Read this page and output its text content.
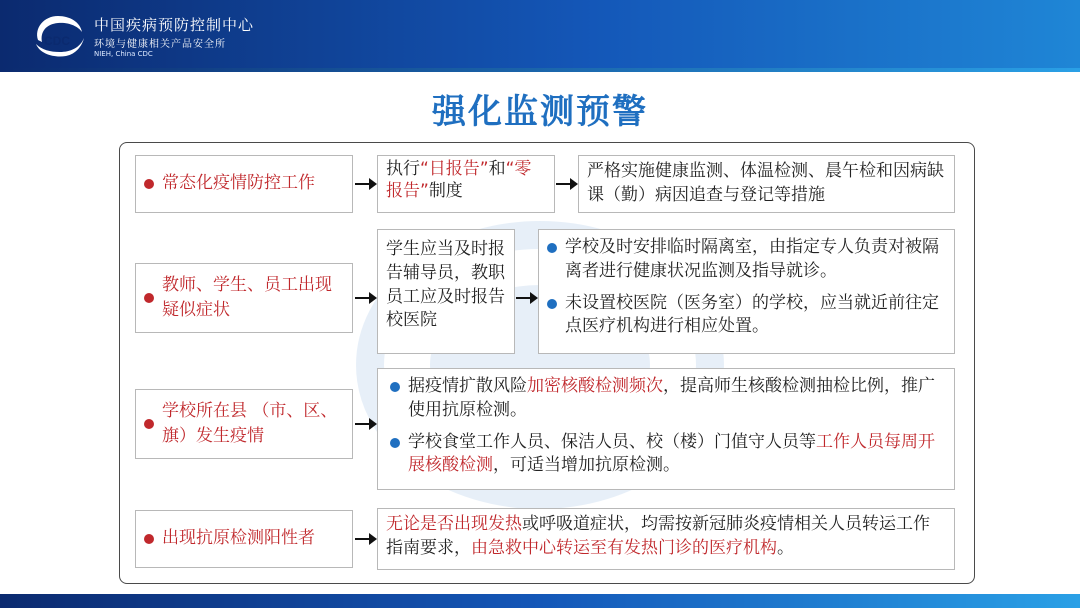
CDC
中国疾病预防控制中心
环境与健康相关产品安全所
NIEH, China CDC
强化监测预警
常态化疫情防控工作
执行“日报告”和“零报告”制度
严格实施健康监测、体温检测、晨午检和因病缺课（勤）病因追查与登记等措施
教师、学生、员工出现疑似症状
学生应当及时报告辅导员，教职员工应及时报告校医院
学校及时安排临时隔离室，由指定专人负责对被隔离者进行健康状况监测及指导就诊。
未设置校医院（医务室）的学校，应当就近前往定点医疗机构进行相应处置。
学校所在县 （市、区、旗）发生疫情
据疫情扩散风险加密核酸检测频次，提高师生核酸检测抽检比例，推广使用抗原检测。
学校食堂工作人员、保洁人员、校（楼）门值守人员等工作人员每周开展核酸检测，可适当增加抗原检测。
出现抗原检测阳性者
无论是否出现发热或呼吸道症状，均需按新冠肺炎疫情相关人员转运工作指南要求，由急救中心转运至有发热门诊的医疗机构。
